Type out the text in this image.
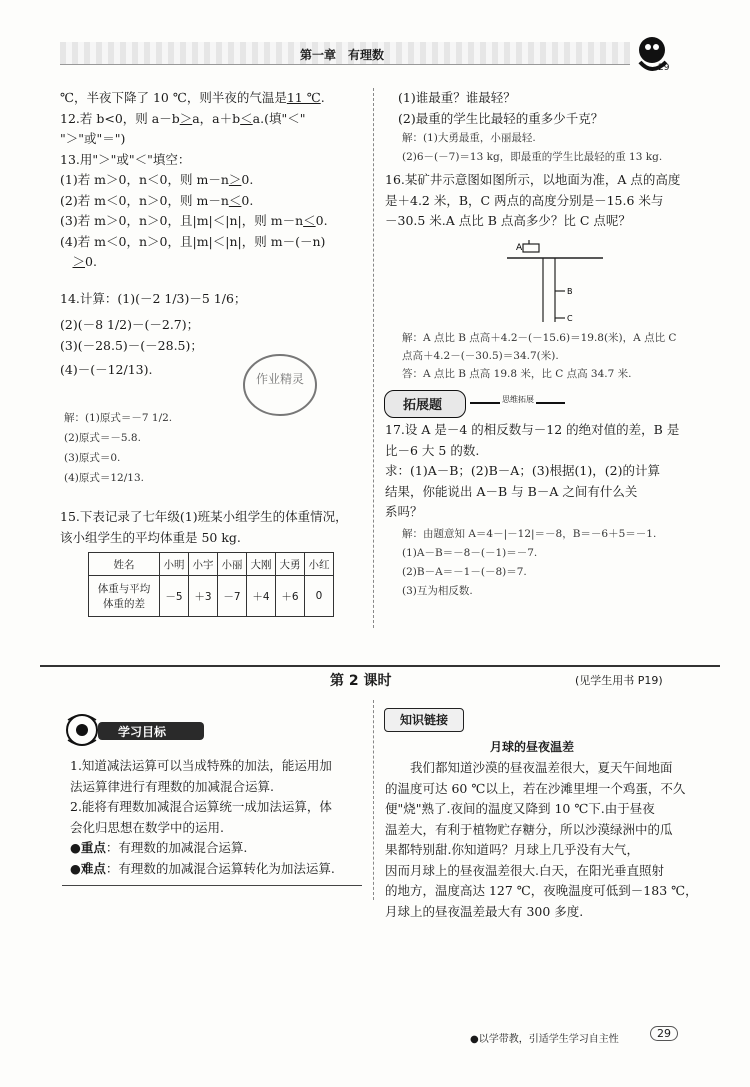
第一章　有理数
29

℃，半夜下降了 10 ℃，则半夜的气温是11 ℃.

12.若 b<0，则 a－b＞a，a＋b＜a.(填"＜"

"＞"或"＝")

13.用"＞"或"＜"填空：

(1)若 m＞0，n＜0，则 m－n＞0.

(2)若 m＜0，n＞0，则 m－n＜0.

(3)若 m＞0，n＞0，且|m|＜|n|，则 m－n＜0.

(4)若 m＜0，n＞0，且|m|＜|n|，则 m－(－n)

　＞0.

14.计算：(1)(－2 1/3)－5 1/6；

(2)(－8 1/2)－(－2.7)；

(3)(－28.5)－(－28.5)；

(4)－(－12/13).

解：(1)原式＝－7 1/2.

(2)原式＝－5.8.

(3)原式＝0.

(4)原式＝12/13.

15.下表记录了七年级(1)班某小组学生的体重情况，

该小组学生的平均体重是 50 kg.

姓名	小明	小宇	小丽	大刚	大勇	小红
体重与平均
体重的差	－5	＋3	－7	＋4	＋6	0

(1)谁最重？谁最轻？

(2)最重的学生比最轻的重多少千克？

解：(1)大勇最重，小丽最轻.

(2)6－(－7)＝13 kg，即最重的学生比最轻的重 13 kg.

16.某矿井示意图如图所示，以地面为准，A 点的高度

是＋4.2 米，B，C 两点的高度分别是－15.6 米与

－30.5 米.A 点比 B 点高多少？比 C 点呢？

A
B
C

解：A 点比 B 点高＋4.2－(－15.6)＝19.8(米)，A 点比 C

点高＋4.2－(－30.5)＝34.7(米).

答：A 点比 B 点高 19.8 米，比 C 点高 34.7 米.

拓展题	思维拓展

17.设 A 是－4 的相反数与－12 的绝对值的差，B 是

比－6 大 5 的数.

求：(1)A－B；(2)B－A；(3)根据(1)，(2)的计算

结果，你能说出 A－B 与 B－A 之间有什么关

系吗？

解：由题意知 A＝4－|－12|＝－8，B＝－6＋5＝－1.

(1)A－B＝－8－(－1)＝－7.

(2)B－A＝－1－(－8)＝7.

(3)互为相反数.

第 2 课时	(见学生用书 P19)
学习目标

1.知道减法运算可以当成特殊的加法，能运用加

法运算律进行有理数的加减混合运算.

2.能将有理数加减混合运算统一成加法运算，体

会化归思想在数学中的运用.

●重点：有理数的加减混合运算.

●难点：有理数的加减混合运算转化为加法运算.

知识链接
月球的昼夜温差

我们都知道沙漠的昼夜温差很大，夏天午间地面

的温度可达 60 ℃以上，若在沙滩里埋一个鸡蛋，不久

便"烧"熟了.夜间的温度又降到 10 ℃下.由于昼夜

温差大，有利于植物贮存糖分，所以沙漠绿洲中的瓜

果都特别甜.你知道吗？月球上几乎没有大气，

因而月球上的昼夜温差很大.白天，在阳光垂直照射

的地方，温度高达 127 ℃，夜晚温度可低到－183 ℃，

月球上的昼夜温差最大有 300 多度.

作业精灵
●以学带教，引适学生学习自主性	29
